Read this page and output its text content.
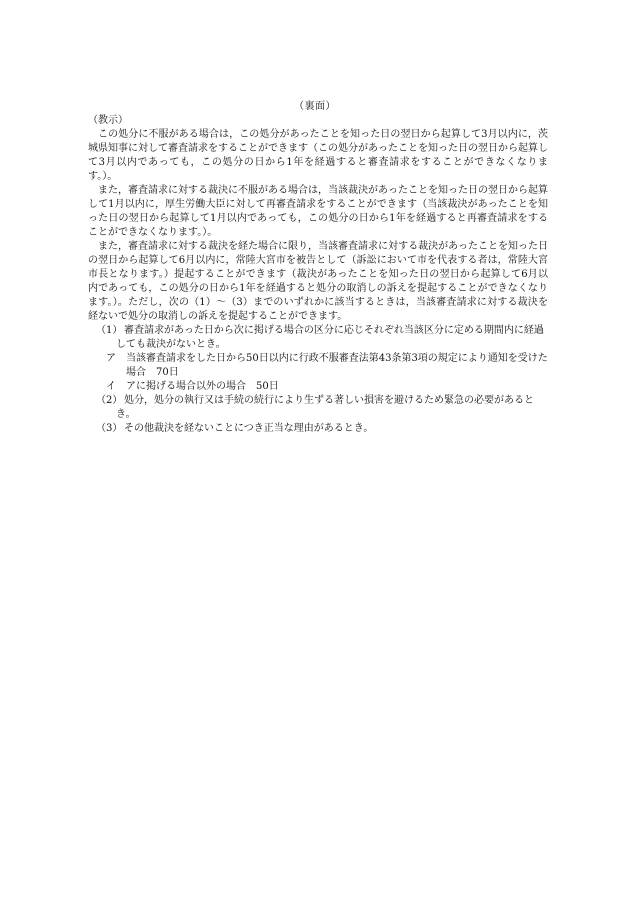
（裏面）
（教示）

この処分に不服がある場合は，この処分があったことを知った日の翌日から起算して3月以内に，茨城県知事に対して審査請求をすることができます（この処分があったことを知った日の翌日から起算して3月以内であっても，この処分の日から1年を経過すると審査請求をすることができなくなります。）。

また，審査請求に対する裁決に不服がある場合は，当該裁決があったことを知った日の翌日から起算して1月以内に，厚生労働大臣に対して再審査請求をすることができます（当該裁決があったことを知った日の翌日から起算して1月以内であっても，この処分の日から1年を経過すると再審査請求をすることができなくなります。）。

また，審査請求に対する裁決を経た場合に限り，当該審査請求に対する裁決があったことを知った日の翌日から起算して6月以内に，常陸大宮市を被告として（訴訟において市を代表する者は，常陸大宮市長となります。）提起することができます（裁決があったことを知った日の翌日から起算して6月以内であっても，この処分の日から1年を経過すると処分の取消しの訴えを提起することができなくなります。）。ただし，次の（1）～（3）までのいずれかに該当するときは，当該審査請求に対する裁決を経ないで処分の取消しの訴えを提起することができます。

（1） 審査請求があった日から次に掲げる場合の区分に応じそれぞれ当該区分に定める期間内に経過しても裁決がないとき。
ア 当該審査請求をした日から50日以内に行政不服審査法第43条第3項の規定により通知を受けた場合　70日
イ アに掲げる場合以外の場合　50日
（2） 処分，処分の執行又は手続の続行により生ずる著しい損害を避けるため緊急の必要があるとき。
（3） その他裁決を経ないことにつき正当な理由があるとき。
